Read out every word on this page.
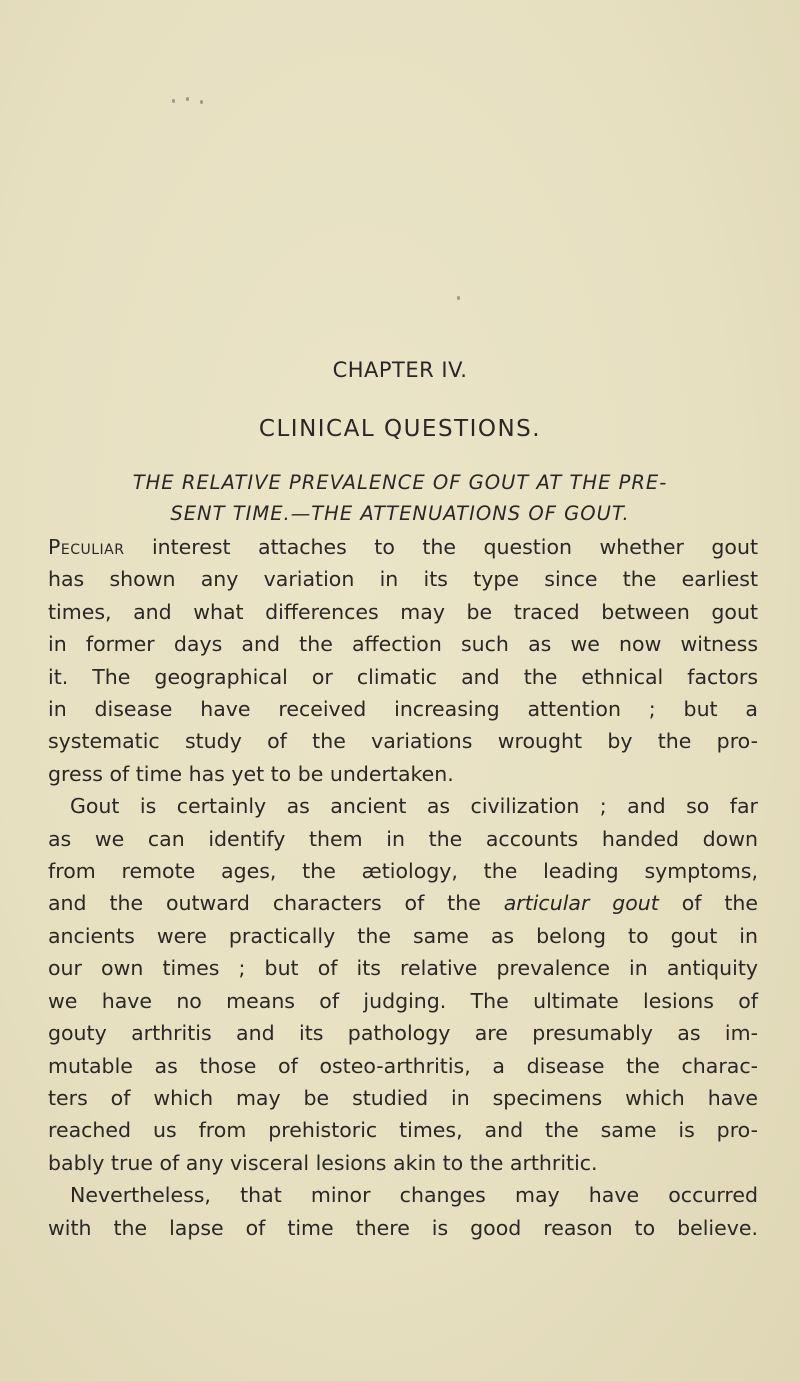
CHAPTER IV.
CLINICAL QUESTIONS.
THE RELATIVE PREVALENCE OF GOUT AT THE PRE-
SENT TIME.—THE ATTENUATIONS OF GOUT.

Peculiar interest attaches to the question whether gout
has shown any variation in its type since the earliest
times, and what differences may be traced between gout
in former days and the affection such as we now witness
it. The geographical or climatic and the ethnical factors
in disease have received increasing attention ; but a
systematic study of the variations wrought by the pro-
gress of time has yet to be undertaken.

Gout is certainly as ancient as civilization ; and so far
as we can identify them in the accounts handed down
from remote ages, the ætiology, the leading symptoms,
and the outward characters of the articular gout of the
ancients were practically the same as belong to gout in
our own times ; but of its relative prevalence in antiquity
we have no means of judging. The ultimate lesions of
gouty arthritis and its pathology are presumably as im-
mutable as those of osteo-arthritis, a disease the charac-
ters of which may be studied in specimens which have
reached us from prehistoric times, and the same is pro-
bably true of any visceral lesions akin to the arthritic.

Nevertheless, that minor changes may have occurred
with the lapse of time there is good reason to believe.
